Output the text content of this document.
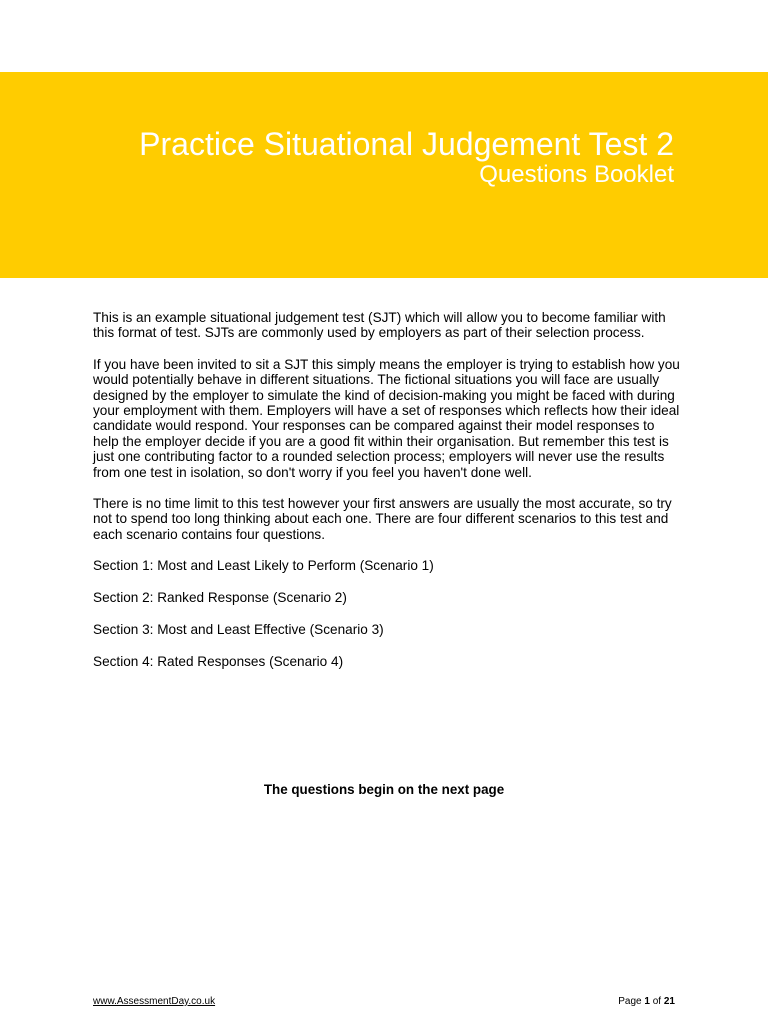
Practice Situational Judgement Test 2
Questions Booklet

This is an example situational judgement test (SJT) which will allow you to become familiar with this format of test. SJTs are commonly used by employers as part of their selection process.

If you have been invited to sit a SJT this simply means the employer is trying to establish how you would potentially behave in different situations. The fictional situations you will face are usually designed by the employer to simulate the kind of decision-making you might be faced with during your employment with them. Employers will have a set of responses which reflects how their ideal candidate would respond. Your responses can be compared against their model responses to help the employer decide if you are a good fit within their organisation. But remember this test is just one contributing factor to a rounded selection process; employers will never use the results from one test in isolation, so don't worry if you feel you haven't done well.

There is no time limit to this test however your first answers are usually the most accurate, so try not to spend too long thinking about each one. There are four different scenarios to this test and each scenario contains four questions.

Section 1: Most and Least Likely to Perform (Scenario 1)

Section 2: Ranked Response (Scenario 2)

Section 3: Most and Least Effective (Scenario 3)

Section 4: Rated Responses (Scenario 4)

The questions begin on the next page
www.AssessmentDay.co.uk	Page 1 of 21
